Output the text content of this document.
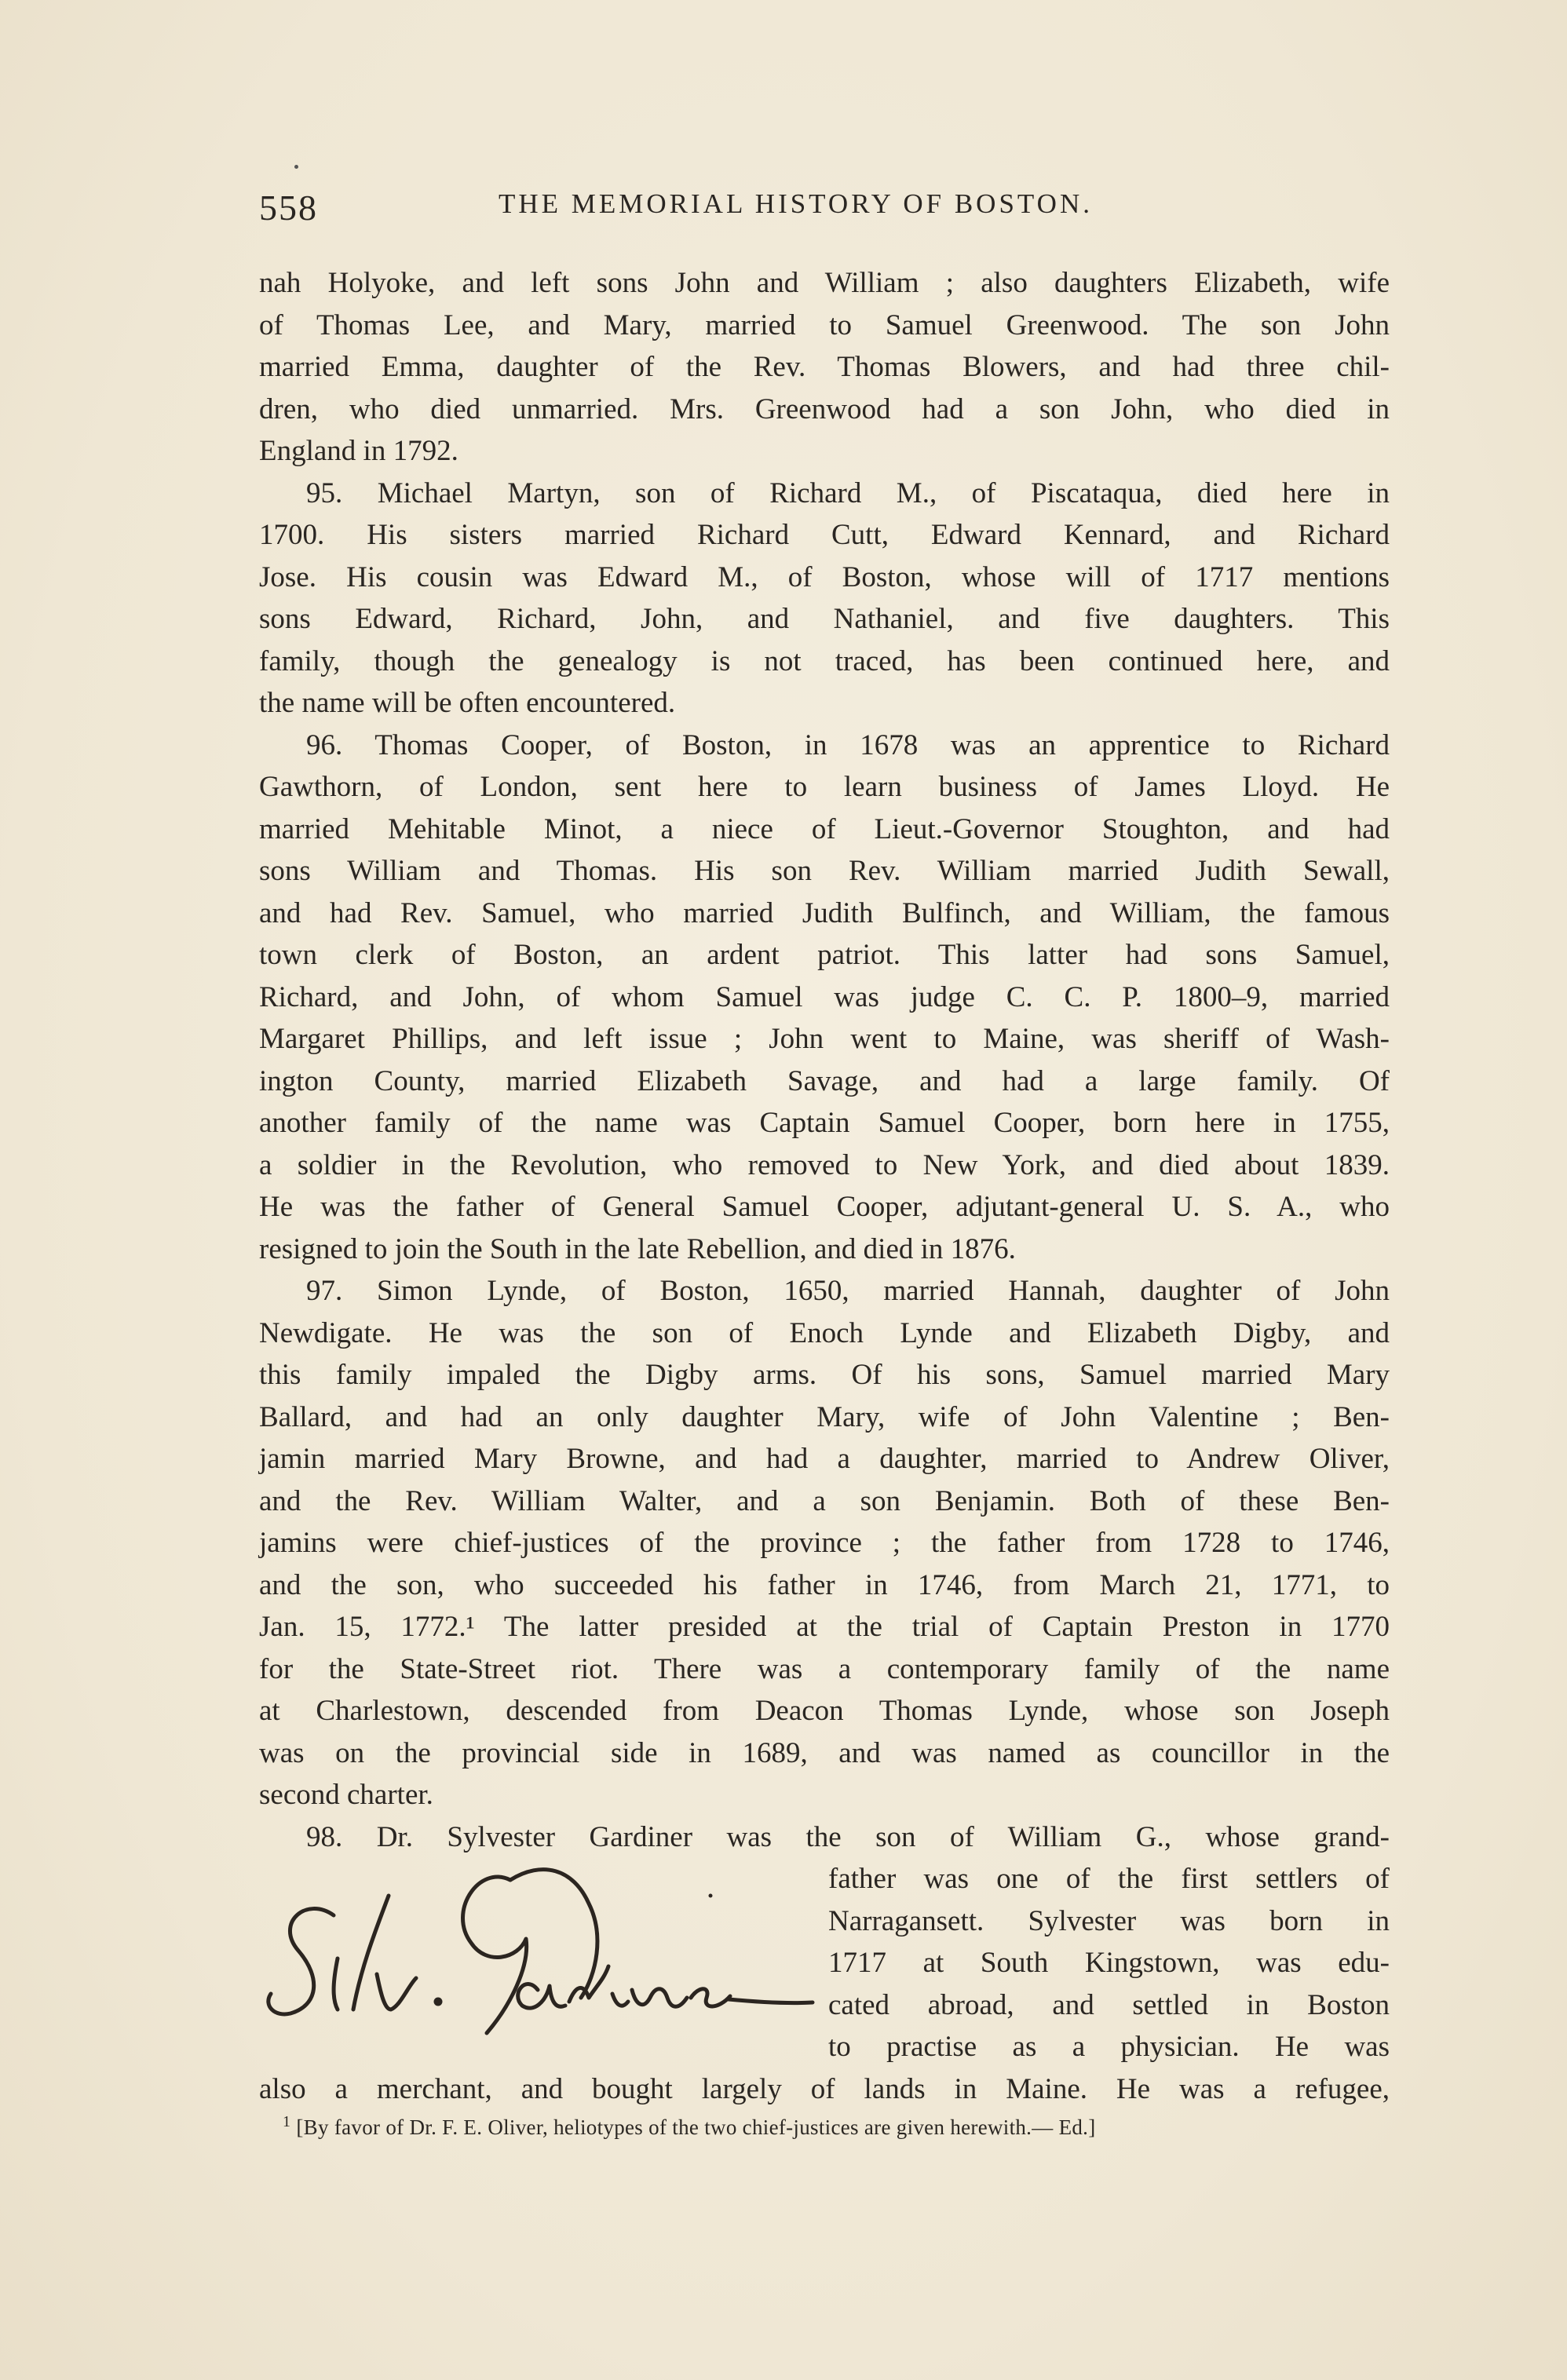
558	THE MEMORIAL HISTORY OF BOSTON.
nah Holyoke, and left sons John and William ; also daughters Elizabeth, wife
of Thomas Lee, and Mary, married to Samuel Greenwood. The son John
married Emma, daughter of the Rev. Thomas Blowers, and had three chil-
dren, who died unmarried. Mrs. Greenwood had a son John, who died in
England in 1792.
95. Michael Martyn, son of Richard M., of Piscataqua, died here in
1700. His sisters married Richard Cutt, Edward Kennard, and Richard
Jose. His cousin was Edward M., of Boston, whose will of 1717 mentions
sons Edward, Richard, John, and Nathaniel, and five daughters. This
family, though the genealogy is not traced, has been continued here, and
the name will be often encountered.
96. Thomas Cooper, of Boston, in 1678 was an apprentice to Richard
Gawthorn, of London, sent here to learn business of James Lloyd. He
married Mehitable Minot, a niece of Lieut.-Governor Stoughton, and had
sons William and Thomas. His son Rev. William married Judith Sewall,
and had Rev. Samuel, who married Judith Bulfinch, and William, the famous
town clerk of Boston, an ardent patriot. This latter had sons Samuel,
Richard, and John, of whom Samuel was judge C. C. P. 1800–9, married
Margaret Phillips, and left issue ; John went to Maine, was sheriff of Wash-
ington County, married Elizabeth Savage, and had a large family. Of
another family of the name was Captain Samuel Cooper, born here in 1755,
a soldier in the Revolution, who removed to New York, and died about 1839.
He was the father of General Samuel Cooper, adjutant-general U. S. A., who
resigned to join the South in the late Rebellion, and died in 1876.
97. Simon Lynde, of Boston, 1650, married Hannah, daughter of John
Newdigate. He was the son of Enoch Lynde and Elizabeth Digby, and
this family impaled the Digby arms. Of his sons, Samuel married Mary
Ballard, and had an only daughter Mary, wife of John Valentine ; Ben-
jamin married Mary Browne, and had a daughter, married to Andrew Oliver,
and the Rev. William Walter, and a son Benjamin. Both of these Ben-
jamins were chief-justices of the province ; the father from 1728 to 1746,
and the son, who succeeded his father in 1746, from March 21, 1771, to
Jan. 15, 1772.¹ The latter presided at the trial of Captain Preston in 1770
for the State-Street riot. There was a contemporary family of the name
at Charlestown, descended from Deacon Thomas Lynde, whose son Joseph
was on the provincial side in 1689, and was named as councillor in the
second charter.
98. Dr. Sylvester Gardiner was the son of William G., whose grand-
father was one of the first settlers of
Narragansett. Sylvester was born in
1717 at South Kingstown, was edu-
cated abroad, and settled in Boston
to practise as a physician. He was
also a merchant, and bought largely of lands in Maine. He was a refugee,
$^1$ [By favor of Dr. F. E. Oliver, heliotypes of the two chief-justices are given herewith.— Ed.]
